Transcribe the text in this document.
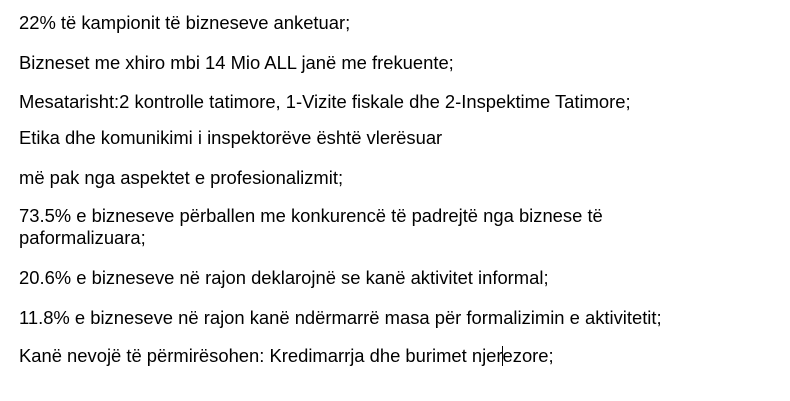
22% të kampionit të bizneseve anketuar;
Bizneset me xhiro mbi 14 Mio ALL janë me frekuente;
Mesatarisht:2 kontrolle tatimore, 1-Vizite fiskale dhe 2-Inspektime Tatimore;
Etika dhe komunikimi i inspektorëve është vlerësuar
më pak nga aspektet e profesionalizmit;
73.5% e bizneseve përballen me konkurencë të padrejtë nga biznese të paformalizuara;
20.6% e bizneseve në rajon deklarojnë se kanë aktivitet informal;
11.8% e bizneseve në rajon kanë ndërmarrë masa për formalizimin e aktivitetit;
Kanë nevojë të përmirësohen: Kredimarrja dhe burimet njerezore;
